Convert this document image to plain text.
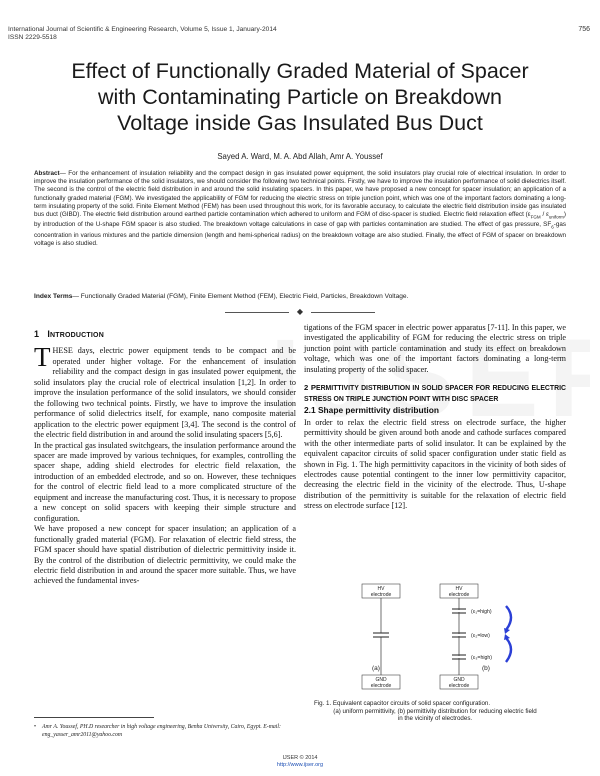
International Journal of Scientific & Engineering Research, Volume 5, Issue 1, January-2014
ISSN 2229-5518
756
Effect of Functionally Graded Material of Spacer
with Contaminating Particle on Breakdown
Voltage inside Gas Insulated Bus Duct
Sayed A. Ward, M. A. Abd Allah, Amr A. Youssef
Abstract— For the enhancement of insulation reliability and the compact design in gas insulated power equipment, the solid insulators play crucial role of electrical insulation. In order to improve the insulation performance of the solid insulators, we should consider the following two technical points. Firstly, we have to improve the insulation performance of solid dielectrics itself. The second is the control of the electric field distribution in and around the solid insulating spacers. In this paper, we have proposed a new concept for spacer insulation; an application of a functionally graded material (FGM). We investigated the applicability of FGM for reducing the electric stress on triple junction point, which was one of the important factors dominating a long-term insulating property of the solid. Finite Element Method (FEM) has been used throughout this work, for its favorable accuracy, to calculate the electric field distribution inside gas insulated bus duct (GIBD). The electric field distribution around earthed particle contamination which adhered to uniform and FGM of disc-spacer is studied. Electric field relaxation effect $(\varepsilon_{FGM} / \varepsilon_{uniform})$ by introduction of the U-shape FGM spacer is also studied. The breakdown voltage calculations in case of gap with particles contamination are studied. The effect of gas pressure, $SF_6$-gas concentration in various mixtures and the particle dimension (length and hemi-spherical radius) on the breakdown voltage are also studied. Finally, the effect of FGM of spacer on breakdown voltage is also studied.
Index Terms— Functionally Graded Material (FGM), Finite Element Method (FEM), Electric Field, Particles, Breakdown Voltage.
◆
1 INTRODUCTION

THESE days, electric power equipment tends to be compact and be operated under higher voltage. For the enhancement of insulation reliability and the compact design in gas insulated power equipment, the solid insulators play the crucial role of electrical insulation [1,2]. In order to improve the insulation performance of the solid insulators, we should consider the following two technical points. Firstly, we have to improve the insulation performance of solid dielectrics itself, for example, nano composite material application to the electric power equipment [3,4]. The second is the control of the electric field distribution in and around the solid insulating spacers [5,6].

In the practical gas insulated switchgears, the insulation performance around the spacer are made improved by various techniques, for examples, controlling the spacer shape, adding shield electrodes for electric field relaxation, the introduction of an embedded electrode, and so on. However, these techniques for the control of electric field lead to a more complicated structure of the equipment and increase the manufacturing cost. Thus, it is necessary to propose a new concept on solid spacers with keeping their simple structure and configuration.

We have proposed a new concept for spacer insulation; an application of a functionally graded material (FGM). For relaxation of electric field stress, the FGM spacer should have spatial distribution of dielectric permittivity inside it. By the control of the distribution of dielectric permittivity, we could make the electric field distribution in and around the spacer more suitable. Thus, we have achieved the fundamental inves-

• Amr A. Youssef, PH.D researcher in high voltage engineering, Benha University, Cairo, Egypt. E-mail: eng_yasser_amr2011@yahoo.com

tigations of the FGM spacer in electric power apparatus [7-11]. In this paper, we investigated the applicability of FGM for reducing the electric stress on triple junction point with particle contamination and study its effect on breakdown voltage, which was one of the important factors dominating a long-term insulating property of the solid spacer.

2 PERMITTIVITY DISTRIBUTION IN SOLID SPACER FOR REDUCING ELECTRIC STRESS ON TRIPLE JUNCTION POINT WITH DISC SPACER
2.1 Shape permittivity distribution

In order to relax the electric field stress on electrode surface, the higher permittivity should be given around both anode and cathode surfaces compared with the other intermediate parts of solid insulator. It can be explained by the equivalent capacitor circuits of solid spacer configuration under static field as shown in Fig. 1. The high permittivity capacitors in the vicinity of both sides of electrodes cause potential contingent to the inner low permittivity capacitor, decreasing the electric field in the vicinity of the electrode. Thus, U-shape distribution of the permittivity is suitable for the relaxation of electric field stress on electrode surface [12].

HV
electrode
GND
electrode
(a)
HV
electrode
GND
electrode
(b)
( ε₁=high)
( ε₂=low)
( ε₃=high)
Fig. 1. Equivalent capacitor circuits of solid spacer configuration.
(a) uniform permittivity, (b) permittivity distribution for reducing electric field
in the vicinity of electrodes.
IJSER © 2014
http://www.ijser.org
